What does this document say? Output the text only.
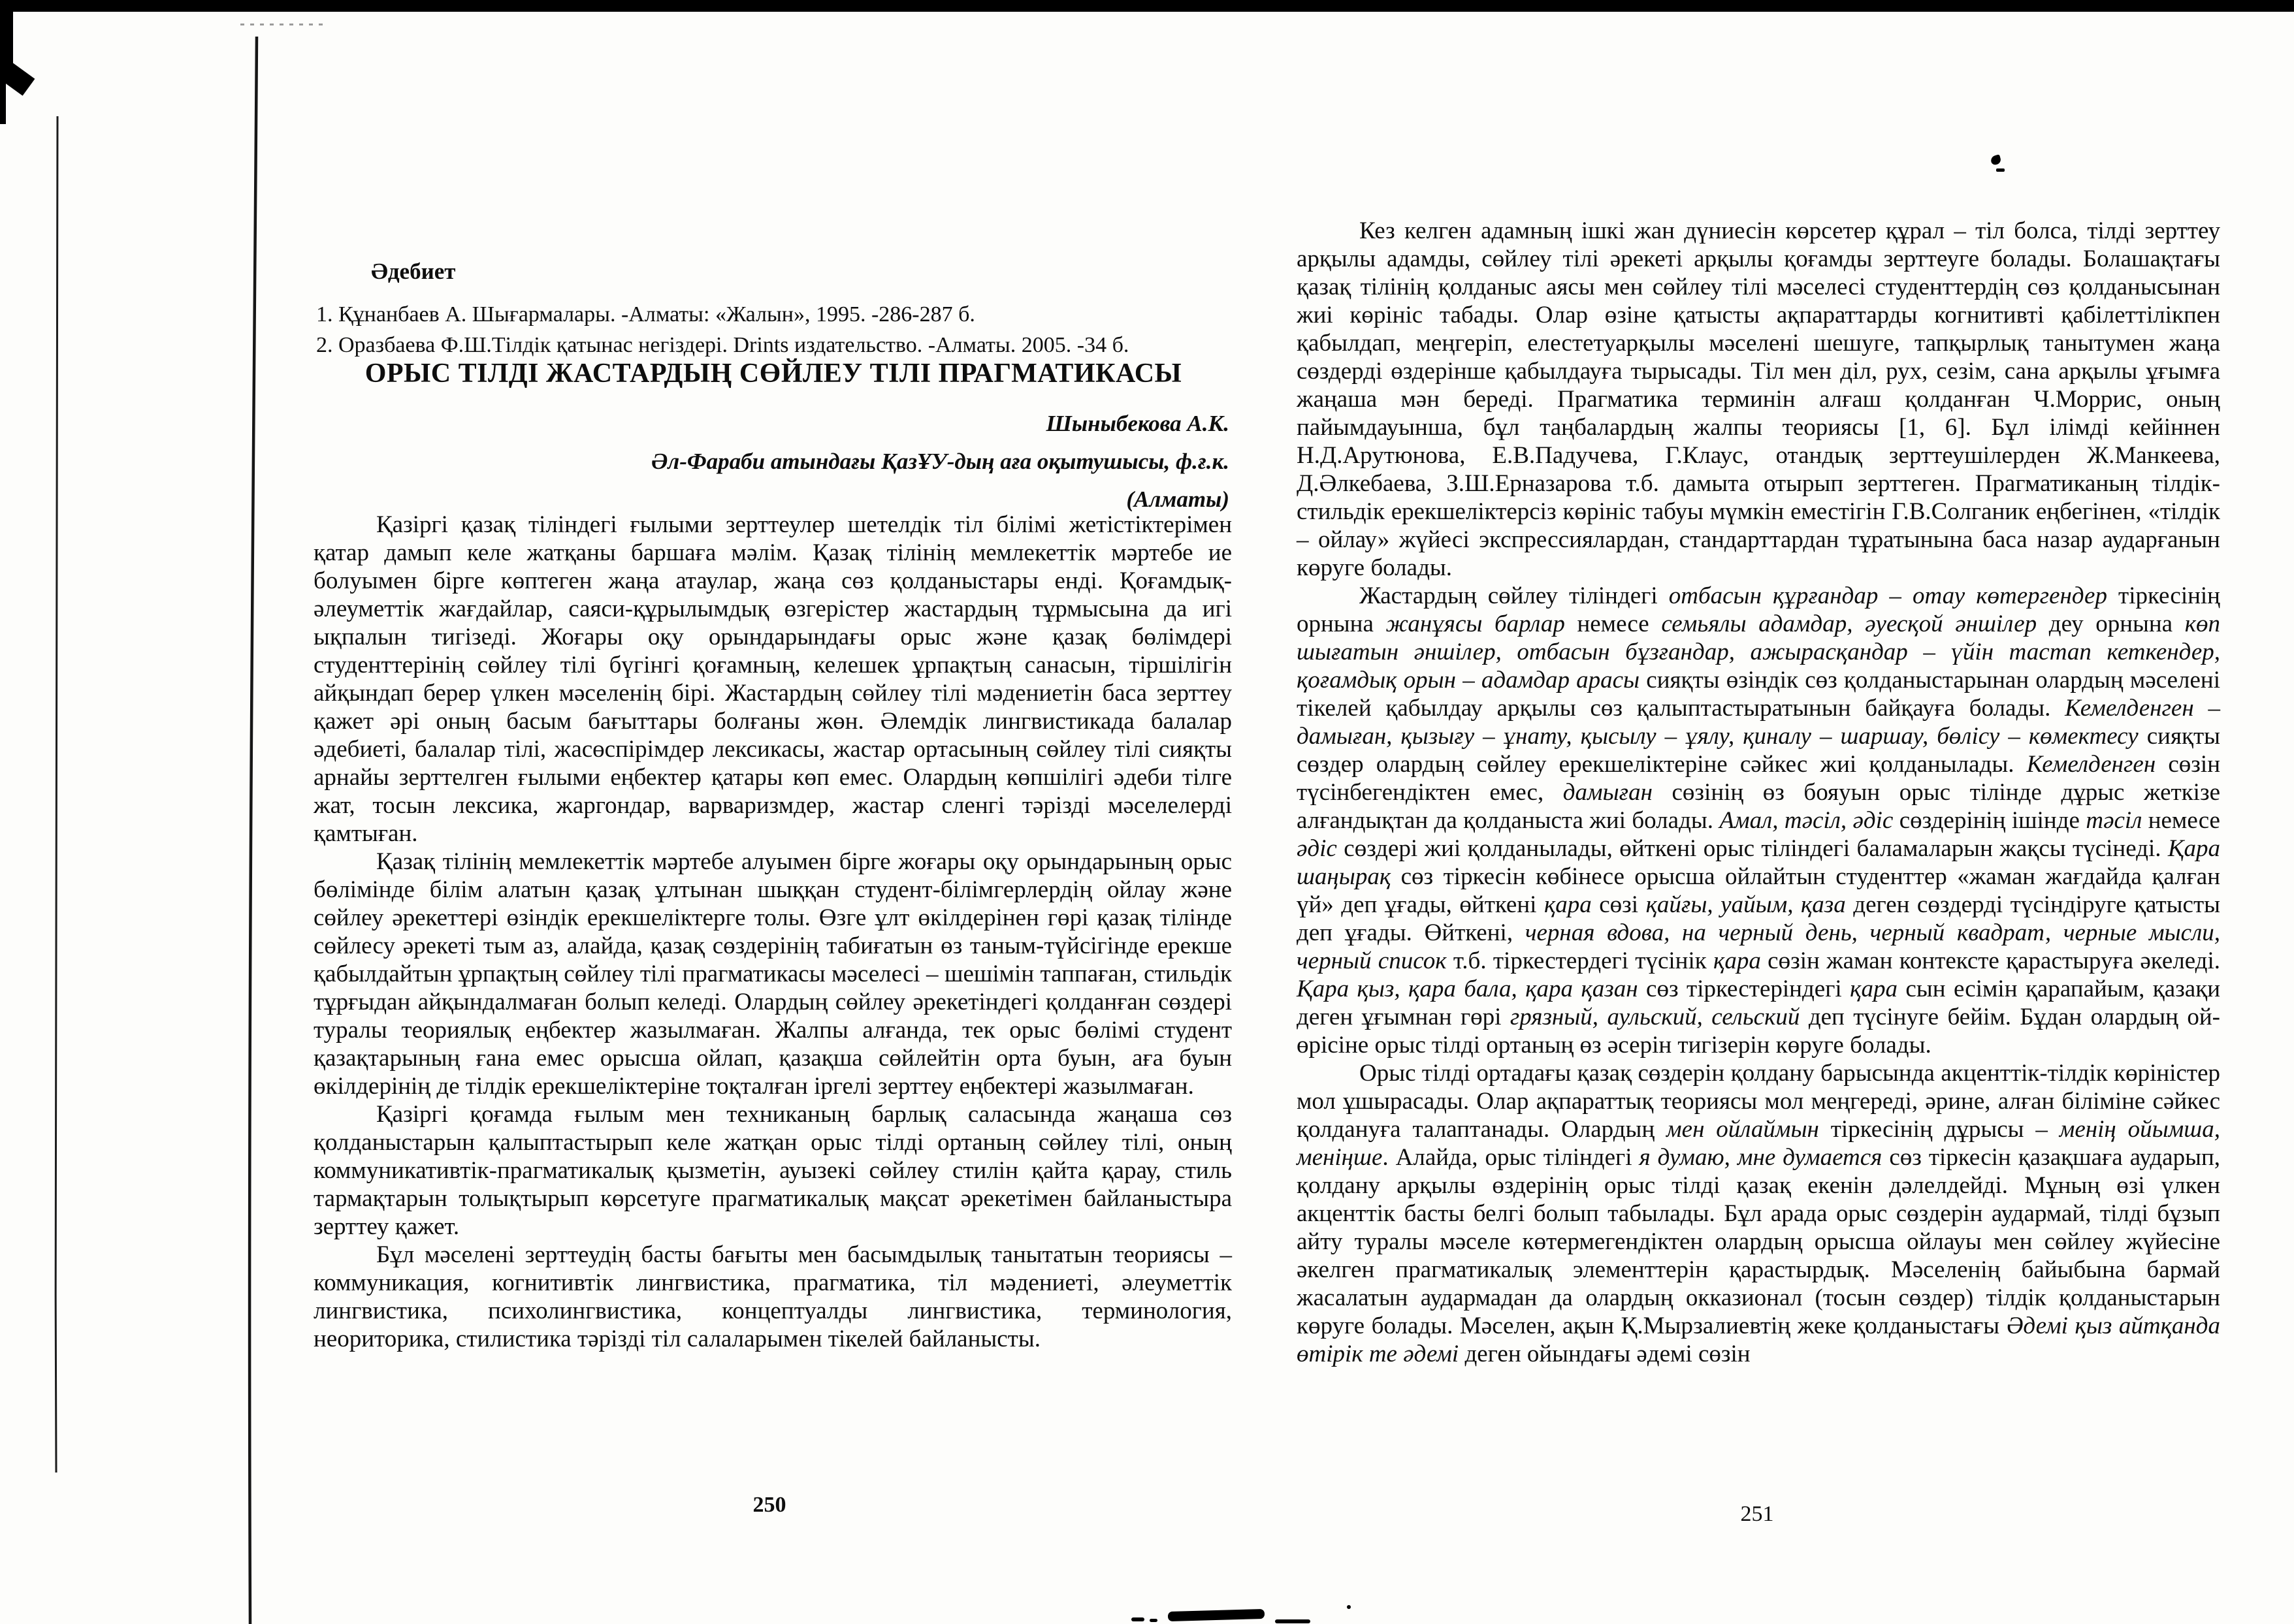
Әдебиет
1. Құнанбаев А. Шығармалары. -Алматы: «Жалын», 1995. -286-287 б.
2. Оразбаева Ф.Ш.Тілдік қатынас негіздері. Drints издательство. -Алматы. 2005. -34 б.
ОРЫС ТІЛДІ ЖАСТАРДЫҢ СӨЙЛЕУ ТІЛІ ПРАГМАТИКАСЫ
Шыныбекова А.К.
Әл-Фараби атындағы ҚазҰУ-дың аға оқытушысы, ф.ғ.к.
(Алматы)

Қазіргі қазақ тіліндегі ғылыми зерттеулер шетелдік тіл білімі жетістіктерімен қатар дамып келе жатқаны баршаға мәлім. Қазақ тілінің мемлекеттік мәртебе ие болуымен бірге көптеген жаңа атаулар, жаңа сөз қолданыстары енді. Қоғамдық-әлеуметтік жағдайлар, саяси-құрылымдық өзгерістер жастардың тұрмысына да игі ықпалын тигізеді. Жоғары оқу орындарындағы орыс және қазақ бөлімдері студенттерінің сөйлеу тілі бүгінгі қоғамның, келешек ұрпақтың санасын, тіршілігін айқындап берер үлкен мәселенің бірі. Жастардың сөйлеу тілі мәдениетін баса зерттеу қажет әрі оның басым бағыттары болғаны жөн. Әлемдік лингвистикада балалар әдебиеті, балалар тілі, жасөспірімдер лексикасы, жастар ортасының сөйлеу тілі сияқты арнайы зерттелген ғылыми еңбектер қатары көп емес. Олардың көпшілігі әдеби тілге жат, тосын лексика, жаргондар, варваризмдер, жастар сленгі тәрізді мәселелерді қамтыған.

Қазақ тілінің мемлекеттік мәртебе алуымен бірге жоғары оқу орындарының орыс бөлімінде білім алатын қазақ ұлтынан шыққан студент-білімгерлердің ойлау және сөйлеу әрекеттері өзіндік ерекшеліктерге толы. Өзге ұлт өкілдерінен гөрі қазақ тілінде сөйлесу әрекеті тым аз, алайда, қазақ сөздерінің табиғатын өз таным-түйсігінде ерекше қабылдайтын ұрпақтың сөйлеу тілі прагматикасы мәселесі – шешімін таппаған, стильдік тұрғыдан айқындалмаған болып келеді. Олардың сөйлеу әрекетіндегі қолданған сөздері туралы теориялық еңбектер жазылмаған. Жалпы алғанда, тек орыс бөлімі студент қазақтарының ғана емес орысша ойлап, қазақша сөйлейтін орта буын, аға буын өкілдерінің де тілдік ерекшеліктеріне тоқталған іргелі зерттеу еңбектері жазылмаған.

Қазіргі қоғамда ғылым мен техниканың барлық саласында жаңаша сөз қолданыстарын қалыптастырып келе жатқан орыс тілді ортаның сөйлеу тілі, оның коммуникативтік-прагматикалық қызметін, ауызекі сөйлеу стилін қайта қарау, стиль тармақтарын толықтырып көрсетуге прагматикалық мақсат әрекетімен байланыстыра зерттеу қажет.

Бұл мәселені зерттеудің басты бағыты мен басымдылық танытатын теориясы – коммуникация, когнитивтік лингвистика, прагматика, тіл мәдениеті, әлеуметтік лингвистика, психолингвистика, концептуалды лингвистика, терминология, неориторика, стилистика тәрізді тіл салаларымен тікелей байланысты.

250

Кез келген адамның ішкі жан дүниесін көрсетер құрал – тіл болса, тілді зерттеу арқылы адамды, сөйлеу тілі әрекеті арқылы қоғамды зерттеуге болады. Болашақтағы қазақ тілінің қолданыс аясы мен сөйлеу тілі мәселесі студенттердің сөз қолданысынан жиі көрініс табады. Олар өзіне қатысты ақпараттарды когнитивті қабілеттілікпен қабылдап, меңгеріп, елестетуарқылы мәселені шешуге, тапқырлық танытумен жаңа сөздерді өздерінше қабылдауға тырысады. Тіл мен діл, рух, сезім, сана арқылы ұғымға жаңаша мән береді. Прагматика терминін алғаш қолданған Ч.Моррис, оның пайымдауынша, бұл таңбалардың жалпы теориясы [1, 6]. Бұл ілімді кейіннен Н.Д.Арутюнова, Е.В.Падучева, Г.Клаус, отандық зерттеушілерден Ж.Манкеева, Д.Әлкебаева, З.Ш.Ерназарова т.б. дамыта отырып зерттеген. Прагматиканың тілдік-стильдік ерекшеліктерсіз көрініс табуы мүмкін еместігін Г.В.Солганик еңбегінен, «тілдік – ойлау» жүйесі экспрессиялардан, стандарттардан тұратынына баса назар аударғанын көруге болады.

Жастардың сөйлеу тіліндегі отбасын құрғандар – отау көтергендер тіркесінің орнына жанұясы барлар немесе семьялы адамдар, әуесқой әншілер деу орнына көп шығатын әншілер, отбасын бұзғандар, ажырасқандар – үйін тастап кеткендер, қоғамдық орын – адамдар арасы сияқты өзіндік сөз қолданыстарынан олардың мәселені тікелей қабылдау арқылы сөз қалыптастыратынын байқауға болады. Кемелденген – дамыған, қызығу – ұнату, қысылу – ұялу, қиналу – шаршау, бөлісу – көмектесу сияқты сөздер олардың сөйлеу ерекшеліктеріне сәйкес жиі қолданылады. Кемелденген сөзін түсінбегендіктен емес, дамыған сөзінің өз бояуын орыс тілінде дұрыс жеткізе алғандықтан да қолданыста жиі болады. Амал, тәсіл, әдіс сөздерінің ішінде тәсіл немесе әдіс сөздері жиі қолданылады, өйткені орыс тіліндегі баламаларын жақсы түсінеді. Қара шаңырақ сөз тіркесін көбінесе орысша ойлайтын студенттер «жаман жағдайда қалған үй» деп ұғады, өйткені қара сөзі қайғы, уайым, қаза деген сөздерді түсіндіруге қатысты деп ұғады. Өйткені, черная вдова, на черный день, черный квадрат, черные мысли, черный список т.б. тіркестердегі түсінік қара сөзін жаман контексте қарастыруға әкеледі. Қара қыз, қара бала, қара қазан сөз тіркестеріндегі қара сын есімін қарапайым, қазақи деген ұғымнан гөрі грязный, аульский, сельский деп түсінуге бейім. Бұдан олардың ой-өрісіне орыс тілді ортаның өз әсерін тигізерін көруге болады.

Орыс тілді ортадағы қазақ сөздерін қолдану барысында акценттік-тілдік көріністер мол ұшырасады. Олар ақпараттық теориясы мол меңгереді, әрине, алған біліміне сәйкес қолдануға талаптанады. Олардың мен ойлаймын тіркесінің дұрысы – менің ойымша, меніңше. Алайда, орыс тіліндегі я думаю, мне думается сөз тіркесін қазақшаға аударып, қолдану арқылы өздерінің орыс тілді қазақ екенін дәлелдейді. Мұның өзі үлкен акценттік басты белгі болып табылады. Бұл арада орыс сөздерін аудармай, тілді бұзып айту туралы мәселе көтермегендіктен олардың орысша ойлауы мен сөйлеу жүйесіне әкелген прагматикалық элементтерін қарастырдық. Мәселенің байыбына бармай жасалатын аудармадан да олардың окказионал (тосын сөздер) тілдік қолданыстарын көруге болады. Мәселен, ақын Қ.Мырзалиевтің жеке қолданыстағы Әдемі қыз айтқанда өтірік те әдемі деген ойындағы әдемі сөзін

251
